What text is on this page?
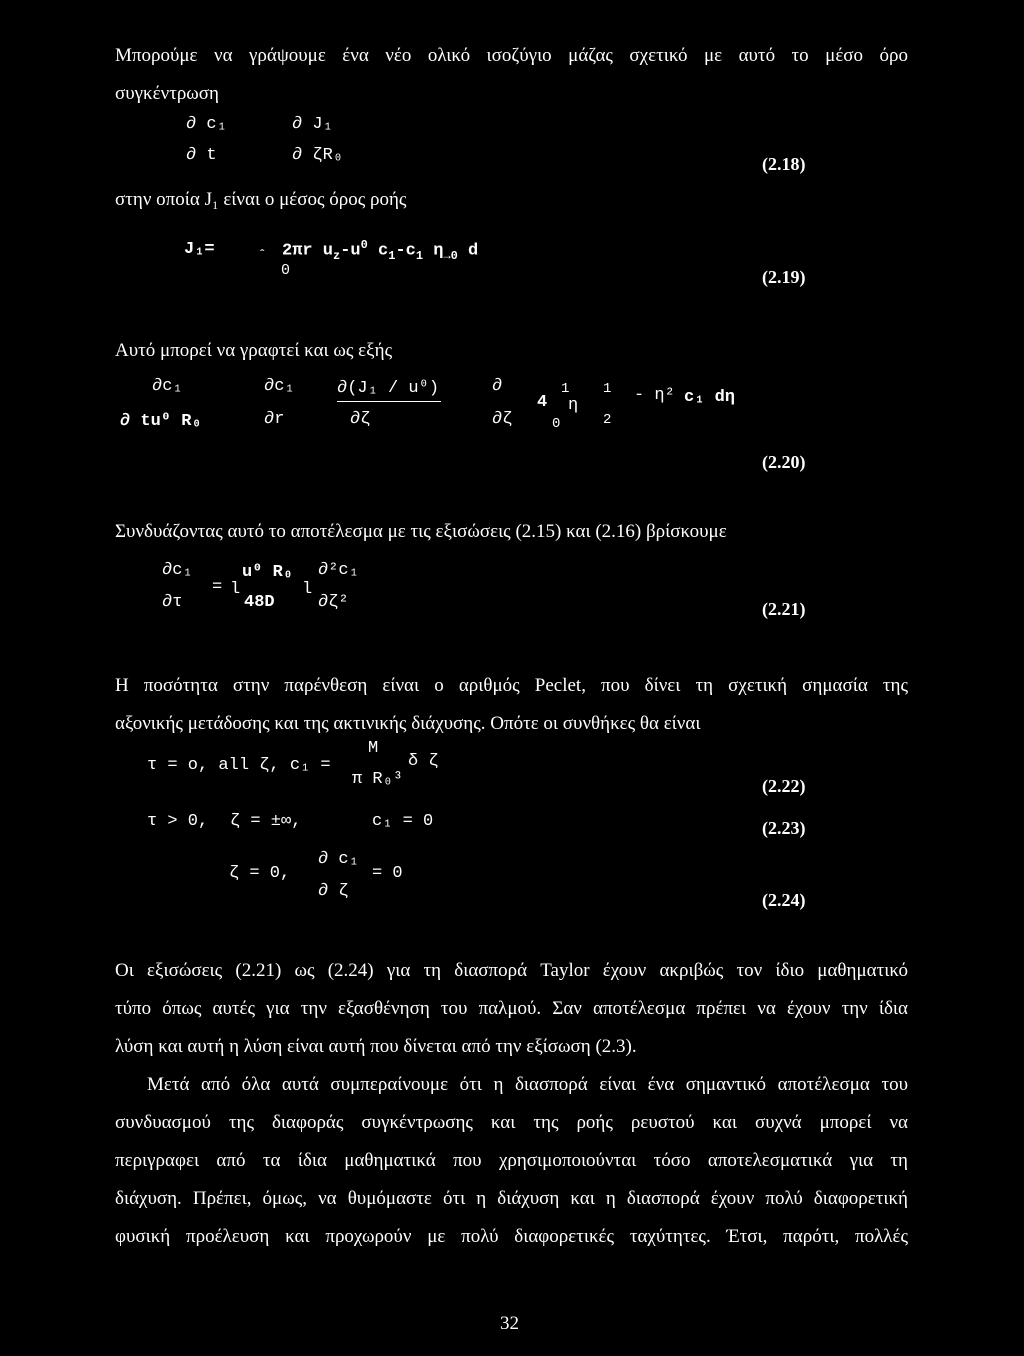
Μπορούμε να γράψουμε ένα νέο ολικό ισοζύγιο μάζας σχετικό με αυτό το μέσο όρο
συγκέντρωση
∂ c₁	∂ J₁
∂ t	∂ ζR₀	(2.18)
στην οποία J₁ είναι ο μέσος όρος ροής
J₁=	ˆ
0
2πr $u_z-u^0$ $c_1-c_1$ $\eta_{\to 0}$ d
(2.19)
Αυτό μπορεί να γραφτεί και ως εξής
∂c₁
∂ tu⁰ R₀
∂c₁
∂r
∂(J₁ / u⁰)
∂ζ
∂
∂ζ
4
1
η
0
1
2
- η² c₁ dη
(2.20)
Συνδυάζοντας αυτό το αποτέλεσμα με τις εξισώσεις (2.15) και (2.16) βρίσκουμε
∂c₁
∂τ
= l
u⁰ R₀
48D
l
∂²c₁
∂ζ²	(2.21)
Η ποσότητα στην παρένθεση είναι ο αριθμός Peclet, που δίνει τη σχετική σημασία της
αξονικής μετάδοσης και της ακτινικής διάχυσης. Οπότε οι συνθήκες θα είναι
τ = o, all ζ, c₁ =
M
π R₀³
δ ζ
(2.22)
τ > 0, ζ = ±∞,	c₁ = 0	(2.23)
ζ = 0,
∂ c₁
∂ ζ
= 0
(2.24)
Οι εξισώσεις (2.21) ως (2.24) για τη διασπορά Taylor έχουν ακριβώς τον ίδιο μαθηματικό
τύπο όπως αυτές για την εξασθένηση του παλμού. Σαν αποτέλεσμα πρέπει να έχουν την ίδια
λύση και αυτή η λύση είναι αυτή που δίνεται από την εξίσωση (2.3).
Μετά από όλα αυτά συμπεραίνουμε ότι η διασπορά είναι ένα σημαντικό αποτέλεσμα του
συνδυασμού της διαφοράς συγκέντρωσης και της ροής ρευστού και συχνά μπορεί να
περιγραφει από τα ίδια μαθηματικά που χρησιμοποιούνται τόσο αποτελεσματικά για τη
διάχυση. Πρέπει, όμως, να θυμόμαστε ότι η διάχυση και η διασπορά έχουν πολύ διαφορετική
φυσική προέλευση και προχωρούν με πολύ διαφορετικές ταχύτητες. Έτσι, παρότι, πολλές
32
